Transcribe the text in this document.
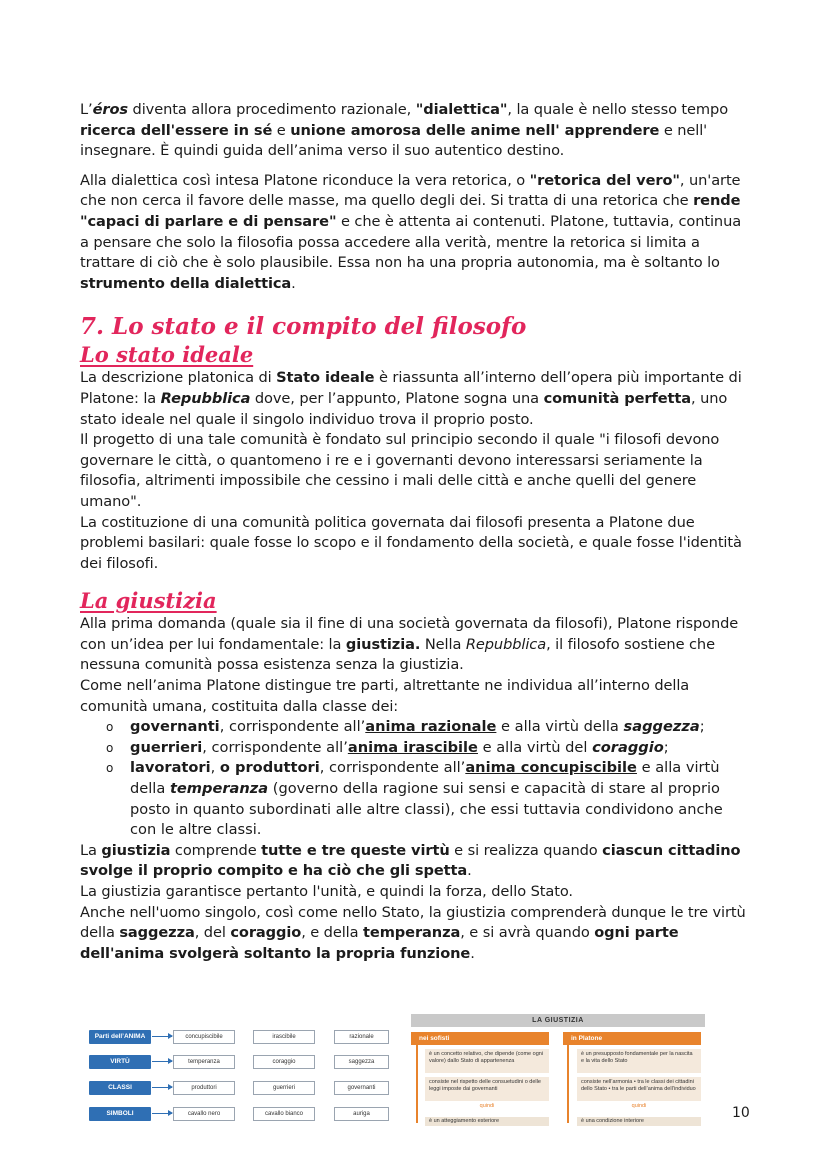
L’éros diventa allora procedimento razionale, "dialettica", la quale è nello stesso tempo ricerca dell'essere in sé e unione amorosa delle anime nell' apprendere e nell' insegnare. È quindi guida dell’anima verso il suo autentico destino.

Alla dialettica così intesa Platone riconduce la vera retorica, o "retorica del vero", un'arte che non cerca il favore delle masse, ma quello degli dei. Si tratta di una retorica che rende "capaci di parlare e di pensare" e che è attenta ai contenuti. Platone, tuttavia, continua a pensare che solo la filosofia possa accedere alla verità, mentre la retorica si limita a trattare di ciò che è solo plausibile. Essa non ha una propria autonomia, ma è soltanto lo strumento della dialettica.

7. Lo stato e il compito del filosofo
Lo stato ideale

La descrizione platonica di Stato ideale è riassunta all’interno dell’opera più importante di Platone: la Repubblica dove, per l’appunto, Platone sogna una comunità perfetta, uno stato ideale nel quale il singolo individuo trova il proprio posto.

Il progetto di una tale comunità è fondato sul principio secondo il quale "i filosofi devono governare le città, o quantomeno i re e i governanti devono interessarsi seriamente la filosofia, altrimenti impossibile che cessino i mali delle città e anche quelli del genere umano".

La costituzione di una comunità politica governata dai filosofi presenta a Platone due problemi basilari: quale fosse lo scopo e il fondamento della società, e quale fosse l'identità dei filosofi.

La giustizia

Alla prima domanda (quale sia il fine di una società governata da filosofi), Platone risponde con un’idea per lui fondamentale: la giustizia. Nella Repubblica, il filosofo sostiene che nessuna comunità possa esistenza senza la giustizia.

Come nell’anima Platone distingue tre parti, altrettante ne individua all’interno della comunità umana, costituita dalla classe dei:

o governanti, corrispondente all’anima razionale e alla virtù della saggezza;
o guerrieri, corrispondente all’anima irascibile e alla virtù del coraggio;
o lavoratori, o produttori, corrispondente all’anima concupiscibile e alla virtù della temperanza (governo della ragione sui sensi e capacità di stare al proprio posto in quanto subordinati alle altre classi), che essi tuttavia condividono anche con le altre classi.

La giustizia comprende tutte e tre queste virtù e si realizza quando ciascun cittadino svolge il proprio compito e ha ciò che gli spetta.

La giustizia garantisce pertanto l'unità, e quindi la forza, dello Stato.

Anche nell'uomo singolo, così come nello Stato, la giustizia comprenderà dunque le tre virtù della saggezza, del coraggio, e della temperanza, e si avrà quando ogni parte dell'anima svolgerà soltanto la propria funzione.

Parti dell’ANIMA	concupiscibile	irascibile	razionale
VIRTÙ	temperanza	coraggio	saggezza
CLASSI	produttori	guerrieri	governanti
SIMBOLI	cavallo nero	cavallo bianco	auriga
LA GIUSTIZIA
nei sofisti
è un concetto relativo, che dipende (come ogni valore) dallo Stato di appartenenza
consiste nel rispetto delle consuetudini o delle leggi imposte dai governanti
quindi
è un atteggiamento esteriore
in Platone
è un presupposto fondamentale per la nascita e la vita dello Stato
consiste nell’armonia • tra le classi dei cittadini dello Stato • tra le parti dell’anima dell’individuo
quindi
è una condizione interiore	10
